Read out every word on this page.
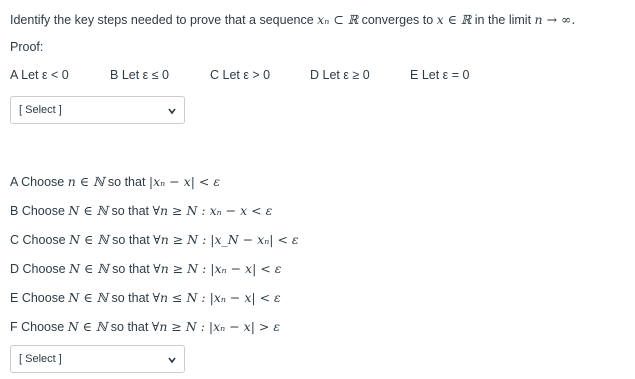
Identify the key steps needed to prove that a sequence xₙ ⊂ ℝ converges to x ∈ ℝ in the limit n → ∞.
Proof:
A Let ε < 0	B Let ε ≤ 0	C Let ε > 0	D Let ε ≥ 0	E Let ε = 0
[ Select ]
A Choose n ∈ ℕ so that |xₙ − x| < ε
B Choose N ∈ ℕ so that ∀n ≥ N : xₙ − x < ε
C Choose N ∈ ℕ so that ∀n ≥ N : |x_N − xₙ| < ε
D Choose N ∈ ℕ so that ∀n ≥ N : |xₙ − x| < ε
E Choose N ∈ ℕ so that ∀n ≤ N : |xₙ − x| < ε
F Choose N ∈ ℕ so that ∀n ≥ N : |xₙ − x| > ε
[ Select ]
